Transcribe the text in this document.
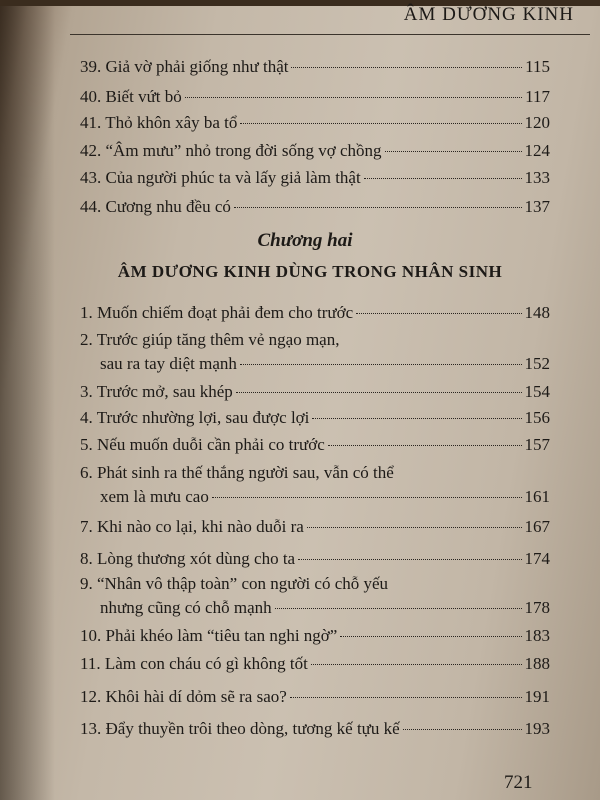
ÂM DƯƠNG KINH
39. Giả vờ phải giống như thật	115
40. Biết vứt bỏ	117
41. Thỏ khôn xây ba tổ	120
42. “Âm mưu” nhỏ trong đời sống vợ chồng	124
43. Của người phúc ta và lấy giả làm thật	133
44. Cương nhu đều có	137
Chương hai
ÂM DƯƠNG KINH DÙNG TRONG NHÂN SINH
1. Muốn chiếm đoạt phải đem cho trước	148
2. Trước giúp tăng thêm vẻ ngạo mạn,
sau ra tay diệt mạnh	152
3. Trước mở, sau khép	154
4. Trước nhường lợi, sau được lợi	156
5. Nếu muốn duỗi cần phải co trước	157
6. Phát sinh ra thế thắng người sau, vẫn có thể
xem là mưu cao	161
7. Khi nào co lại, khi nào duỗi ra	167
8. Lòng thương xót dùng cho ta	174
9. “Nhân vô thập toàn” con người có chỗ yếu
nhưng cũng có chỗ mạnh	178
10. Phải khéo làm “tiêu tan nghi ngờ”	183
11. Làm con cháu có gì không tốt	188
12. Khôi hài dí dỏm sẽ ra sao?	191
13. Đẩy thuyền trôi theo dòng, tương kế tựu kế	193
721
